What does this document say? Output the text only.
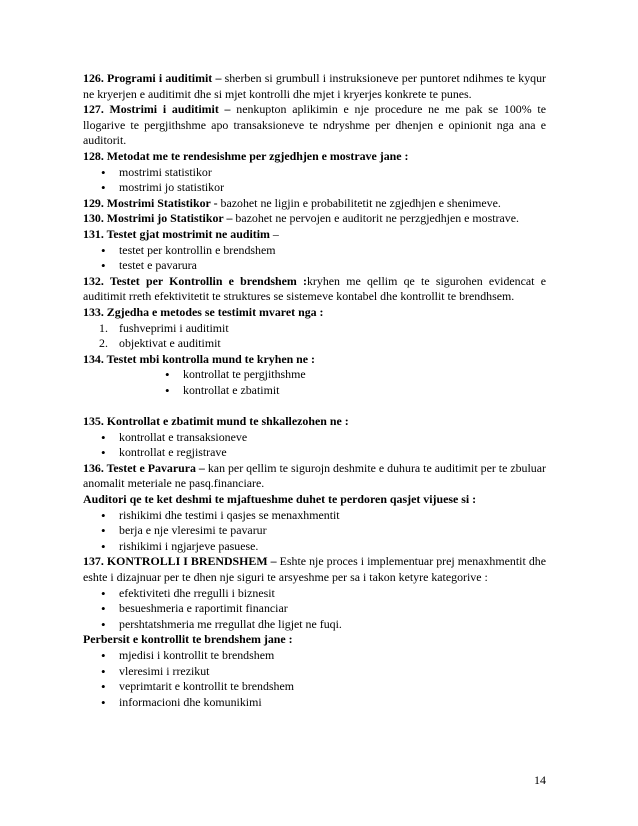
126. Programi i auditimit – sherben si grumbull i instruksioneve per puntoret ndihmes te kyqur ne kryerjen e auditimit dhe si mjet kontrolli dhe mjet i kryerjes konkrete te punes.

127. Mostrimi i auditimit – nenkupton aplikimin e nje procedure ne me pak se 100% te llogarive te pergjithshme apo transaksioneve te ndryshme per dhenjen e opinionit nga ana e auditorit.

128. Metodat me te rendesishme per zgjedhjen e mostrave jane :

• mostrimi statistikor
• mostrimi jo statistikor

129. Mostrimi Statistikor - bazohet ne ligjin e probabilitetit ne zgjedhjen e shenimeve.

130. Mostrimi jo Statistikor – bazohet ne pervojen e auditorit ne perzgjedhjen e mostrave.

131. Testet gjat mostrimit ne auditim –

• testet per kontrollin e brendshem
• testet e pavarura

132. Testet per Kontrollin e brendshem :kryhen me qellim qe te sigurohen evidencat e auditimit rreth efektivitetit te struktures se sistemeve kontabel dhe kontrollit te brendhsem.

133. Zgjedha e metodes se testimit mvaret nga :

1. fushveprimi i auditimit
2. objektivat e auditimit

134. Testet mbi kontrolla mund te kryhen ne :

• kontrollat te pergjithshme
• kontrollat e zbatimit

135. Kontrollat e zbatimit mund te shkallezohen ne :

• kontrollat e transaksioneve
• kontrollat e regjistrave

136. Testet e Pavarura – kan per qellim te sigurojn deshmite e duhura te auditimit per te zbuluar anomalit meteriale ne pasq.financiare.

Auditori qe te ket deshmi te mjaftueshme duhet te perdoren qasjet vijuese si :

• rishikimi dhe testimi i qasjes se menaxhmentit
• berja e nje vleresimi te pavarur
• rishikimi i ngjarjeve pasuese.

137. KONTROLLI I BRENDSHEM – Eshte nje proces i implementuar prej menaxhmentit dhe eshte i dizajnuar per te dhen nje siguri te arsyeshme per sa i takon ketyre kategorive :

• efektiviteti dhe rregulli i biznesit
• besueshmeria e raportimit financiar
• pershtatshmeria me rregullat dhe ligjet ne fuqi.

Perbersit e kontrollit te brendshem jane :

• mjedisi i kontrollit te brendshem
• vleresimi i rrezikut
• veprimtarit e kontrollit te brendshem
• informacioni dhe komunikimi
14
